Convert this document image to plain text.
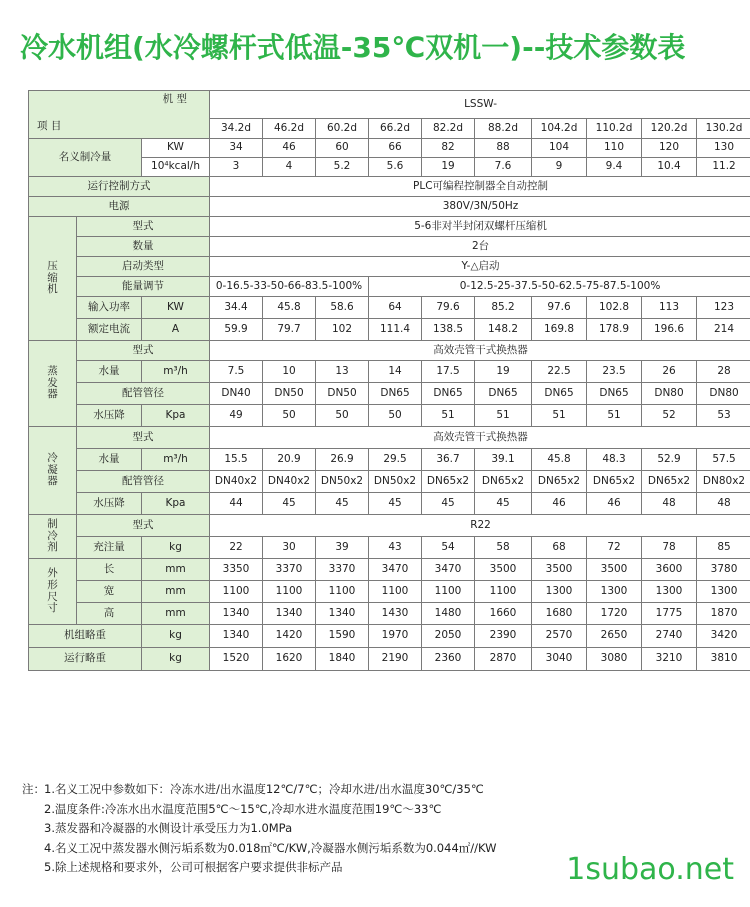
冷水机组(水冷螺杆式低温-35℃双机一)--技术参数表
机 型
项 目			LSSW-									
			34.2d	46.2d	60.2d	66.2d	82.2d	88.2d	104.2d	110.2d	120.2d	130.2d
名义制冷量		KW	34	46	60	66	82	88	104	110	120	130
		10⁴kcal/h	3	4	5.2	5.6	19	7.6	9	9.4	10.4	11.2
运行控制方式			PLC可编程控制器全自动控制									
电源			380V/3N/50Hz									
压
缩
机	型式		5-6非对半封闭双螺杆压缩机									
	数量		2台									
	启动类型		Y-△启动									
	能量调节		0-16.5-33-50-66-83.5-100%			0-12.5-25-37.5-50-62.5-75-87.5-100%						
	输入功率	KW	34.4	45.8	58.6	64	79.6	85.2	97.6	102.8	113	123
	额定电流	A	59.9	79.7	102	111.4	138.5	148.2	169.8	178.9	196.6	214
蒸
发
器	型式		高效壳管干式换热器									
	水量	m³/h	7.5	10	13	14	17.5	19	22.5	23.5	26	28
	配管管径		DN40	DN50	DN50	DN65	DN65	DN65	DN65	DN65	DN80	DN80
	水压降	Kpa	49	50	50	50	51	51	51	51	52	53
冷
凝
器	型式		高效壳管干式换热器									
	水量	m³/h	15.5	20.9	26.9	29.5	36.7	39.1	45.8	48.3	52.9	57.5
	配管管径		DN40x2	DN40x2	DN50x2	DN50x2	DN65x2	DN65x2	DN65x2	DN65x2	DN65x2	DN80x2
	水压降	Kpa	44	45	45	45	45	45	46	46	48	48
制
冷
剂	型式		R22									
	充注量	kg	22	30	39	43	54	58	68	72	78	85
外
形
尺
寸	长	mm	3350	3370	3370	3470	3470	3500	3500	3500	3600	3780
	宽	mm	1100	1100	1100	1100	1100	1100	1300	1300	1300	1300
	高	mm	1340	1340	1340	1430	1480	1660	1680	1720	1775	1870
机组略重		kg	1340	1420	1590	1970	2050	2390	2570	2650	2740	3420
运行略重		kg	1520	1620	1840	2190	2360	2870	3040	3080	3210	3810
注： 1.名义工况中参数如下：冷冻水进/出水温度12℃/7℃；冷却水进/出水温度30℃/35℃
2.温度条件:冷冻水出水温度范围5℃～15℃,冷却水进水温度范围19℃～33℃
3.蒸发器和冷凝器的水侧设计承受压力为1.0MPa
4.名义工况中蒸发器水侧污垢系数为0.018㎡℃/KW,冷凝器水侧污垢系数为0.044㎡//KW
5.除上述规格和要求外，公司可根据客户要求提供非标产品	1subao.net
